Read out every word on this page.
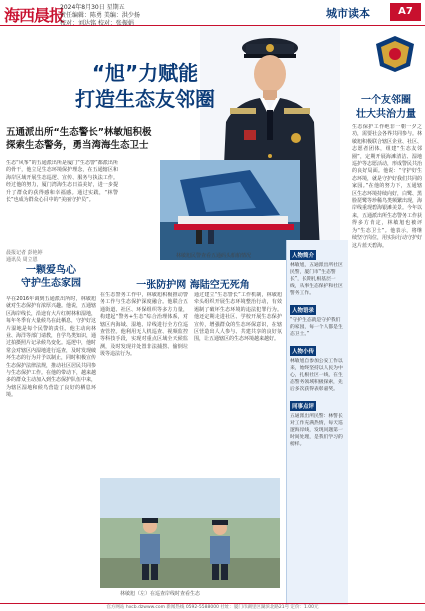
海西晨报
2024年8月30日 星期五
责任编辑：陈勇 美编：洪少扬
校对：刘达铭 校对：张振娟
城市读本	A7
“旭”力赋能
打造生态友邻圈
五通派出所“生态警长”林敏旭积极
探索生态警务，勇当湾海生态卫士
一个友邻圈
壮大共治力量
生态保护工作绝非一朝一夕之功，需要社会各界共同参与。林敏旭积极联合辖区企业、社区、志愿者团体，组建“生态友邻圈”，定期开展海滩清洁、湿地巡护等志愿活动，形成警民共治的良好局面。他说：“守护好生态环境，就是守护好我们共同的家园。”在他的努力下，五通辖区生态环境持续向好，白鹭、黑脸琵鹭等珍稀鸟类频繁出现，海岸线重现碧海银滩美景。今年以来，五通派出所生态警务工作获得多方肯定，林敏旭也被评为“生态卫士”。他表示，将继续坚守岗位，用实际行动守护好这片蓝天碧海。
生态“风筝”的五通派出所是厦门“生态警”都派出所的骨干，他立足生态环境保护理念，在五通辖区和海岸区域开展生态巡逻、宣传、服务与执法工作。经过他的努力，厦门湾海生态日益美好，进一步提升了群众的获得感和幸福感。通过实践，“林警长”也成为群众心目中的“美丽守护员”。
晨报记者 彭艳婷
通讯员 周立恩
林敏旭民警查看五通码头船舶情况
一颗爱鸟心
守护生态家园
早在2016年调到五通派出所时，林敏旭就对生态保护有浓厚兴趣。他说，五通辖区海岸线长，沿途有大片红树林和湿地，每年冬季有大量候鸟在此栖息，守护好这片湿地是每个民警的责任。他主动向林业、海洋等部门请教，自学鸟类知识，通过拍摄照片记录候鸟变化。巡逻中，他时常会对辖区内湿地进行巡查，及时发现破坏生态的行为并予以制止，同时积极宣传生态保护法律法规，推动社区居民共同参与生态保护工作。在他的带动下，越来越多的群众主动加入到生态保护队伍中来，为辖区湿地和候鸟营造了良好的栖息环境。
一张防护网 海陆空无死角
在生态警务工作中，林敏旭积极推动警务工作与生态保护深度融合。他联合五通街道、社区、环保组织等多方力量，构建起“警务+生态”综合治理体系，对辖区内海域、湿地、岸线进行全方位巡查管控。他利用无人机巡查、视频监控等科技手段，实现对重点区域全天候监测，及时发现并处置非法捕捞、偷倒垃圾等违法行为。
通过建立“生态警长”工作机制，林敏旭牵头组织开展生态环境整治行动，有效遏制了破坏生态环境的违法犯罪行为。他还定期走进社区、学校开展生态保护宣传，增强群众的生态环保意识，在辖区营造出人人参与、共建共享的良好氛围，让五通辖区的生态环境越来越好。
林敏旭（左）在巡查岸线时查看生态
人物简介
林敏旭，五通派出所社区民警，厦门市“生态警长”，长期扎根基层一线，从事生态保护和社区警务工作。
人物语录
“守护生态就是守护我们的家园，每一个人都是生态卫士。”
人物小传
林敏旭自参加公安工作以来，始终坚持以人民为中心，扎根社区一线，在生态警务领域积极探索，先后多次获得表彰嘉奖。
同事点评
五通派出所民警：林警长对工作充满热情，每天巡逻海岸线，发现问题第一时间处理，是我们学习的榜样。
官方网站 hxcb.dzwww.com 新闻热线 0592-5588000 社址：厦门市湖里区湖滨北路21号 定价：1.00元
